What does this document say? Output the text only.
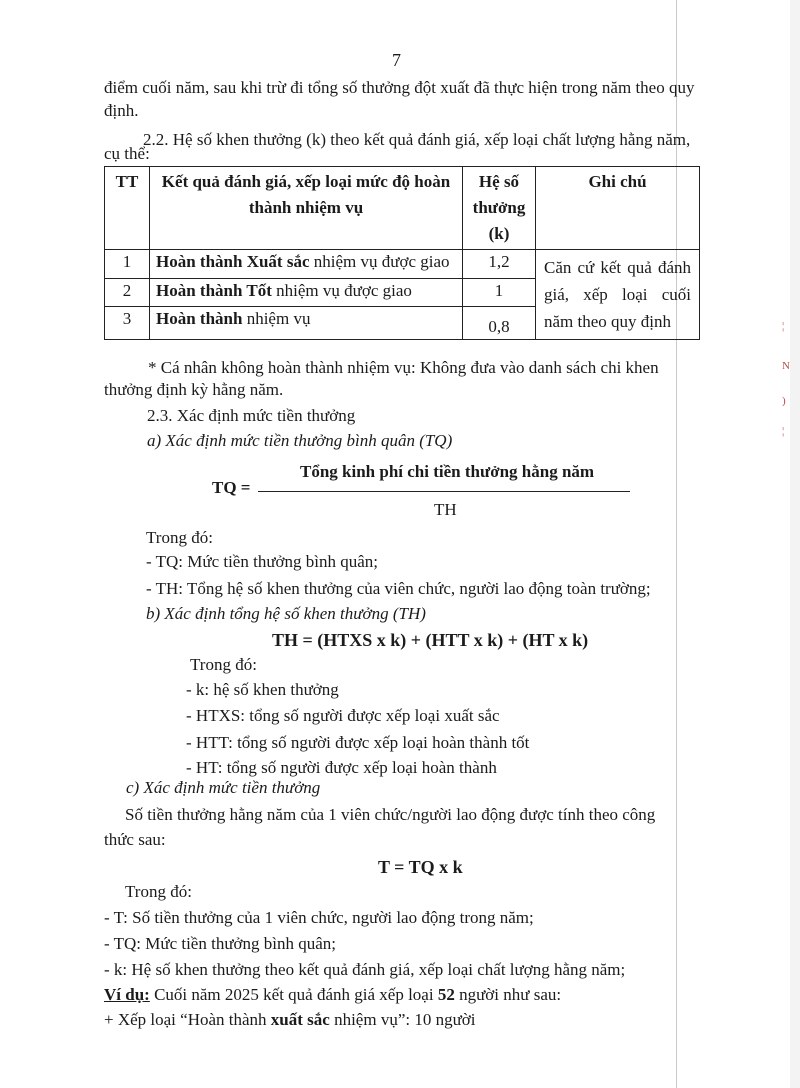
¦
N
)
¦
7
điểm cuối năm, sau khi trừ đi tổng số thưởng đột xuất đã thực hiện trong năm theo quy
định.
2.2. Hệ số khen thưởng (k) theo kết quả đánh giá, xếp loại chất lượng hằng năm,
cụ thể:
TT	Kết quả đánh giá, xếp loại mức độ hoàn thành nhiệm vụ	Hệ số thưởng (k)	Ghi chú
1	Hoàn thành Xuất sắc nhiệm vụ được giao	1,2	Căn cứ kết quả đánh giá, xếp loại cuối năm theo quy định
2	Hoàn thành Tốt nhiệm vụ được giao	1	
3	Hoàn thành nhiệm vụ	0,8	
* Cá nhân không hoàn thành nhiệm vụ: Không đưa vào danh sách chi khen
thưởng định kỳ hằng năm.
2.3. Xác định mức tiền thưởng
a) Xác định mức tiền thưởng bình quân (TQ)
Tổng kinh phí chi tiền thưởng hằng năm
TQ =
TH
Trong đó:
- TQ: Mức tiền thưởng bình quân;
- TH: Tổng hệ số khen thưởng của viên chức, người lao động toàn trường;
b) Xác định tổng hệ số khen thưởng (TH)
TH = (HTXS x k) + (HTT x k) + (HT x k)
Trong đó:
- k: hệ số khen thưởng
- HTXS: tổng số người được xếp loại xuất sắc
- HTT: tổng số người được xếp loại hoàn thành tốt
- HT: tổng số người được xếp loại hoàn thành
c) Xác định mức tiền thưởng
Số tiền thưởng hằng năm của 1 viên chức/người lao động được tính theo công
thức sau:
T = TQ x k
Trong đó:
- T: Số tiền thưởng của 1 viên chức, người lao động trong năm;
- TQ: Mức tiền thưởng bình quân;
- k: Hệ số khen thưởng theo kết quả đánh giá, xếp loại chất lượng hằng năm;
Ví dụ: Cuối năm 2025 kết quả đánh giá xếp loại 52 người như sau:
+ Xếp loại “Hoàn thành xuất sắc nhiệm vụ”: 10 người
